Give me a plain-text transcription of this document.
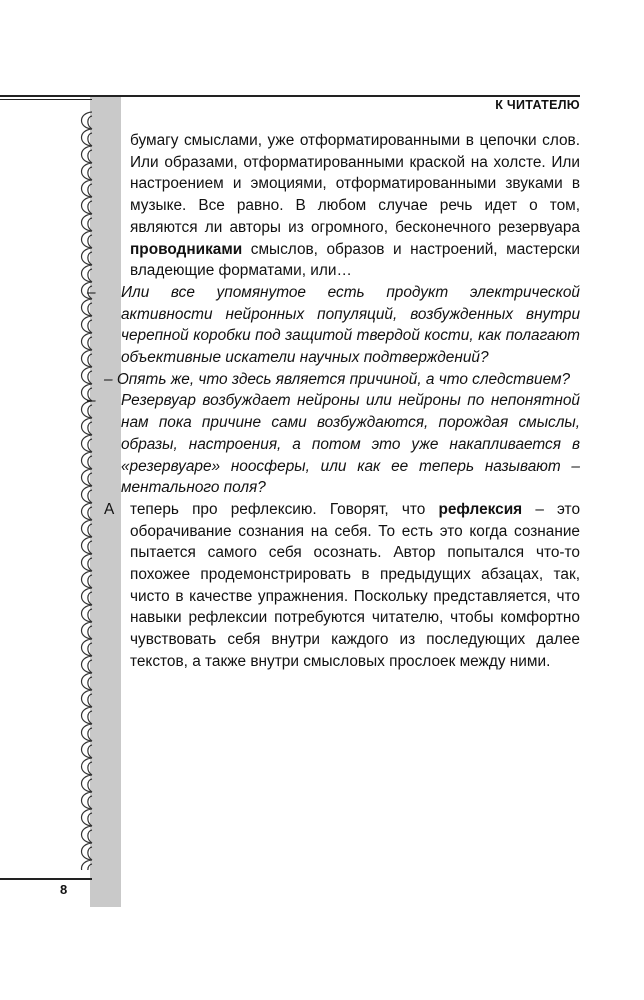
К ЧИТАТЕЛЮ
8

бумагу смыслами, уже отформатированными в цепочки слов. Или образами, отформатированными краской на холсте. Или настроением и эмоциями, отформатированными звуками в музыке. Все равно. В любом случае речь идет о том, являются ли авторы из огромного, бесконечного резервуара проводниками смыслов, образов и настроений, мастерски владеющие форматами, или…

– Или все упомянутое есть продукт электрической активности нейронных популяций, возбужденных внутри черепной коробки под защитой твердой кости, как полагают объективные искатели научных подтверждений?

– Опять же, что здесь является причиной, а что следствием?

– Резервуар возбуждает нейроны или нейроны по непонятной нам пока причине сами возбуждаются, порождая смыслы, образы, настроения, а потом это уже накапливается в «резервуаре» ноосферы, или как ее теперь называют – ментального поля?

А теперь про рефлексию. Говорят, что рефлексия – это оборачивание сознания на себя. То есть это когда сознание пытается самого себя осознать. Автор попытался что-то похожее продемонстрировать в предыдущих абзацах, так, чисто в качестве упражнения. Поскольку представляется, что навыки рефлексии потребуются читателю, чтобы комфортно чувствовать себя внутри каждого из последующих далее текстов, а также внутри смысловых прослоек между ними.
